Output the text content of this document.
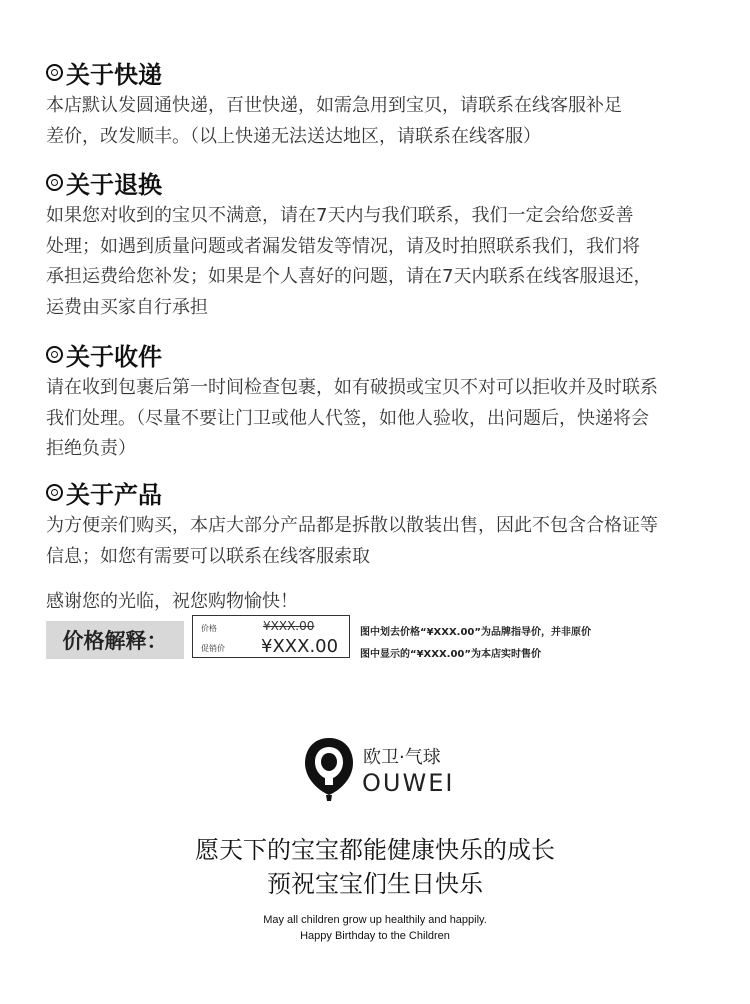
关于快递
本店默认发圆通快递，百世快递，如需急用到宝贝，请联系在线客服补足
差价，改发顺丰。（以上快递无法送达地区，请联系在线客服）
关于退换
如果您对收到的宝贝不满意，请在7天内与我们联系，我们一定会给您妥善
处理；如遇到质量问题或者漏发错发等情况，请及时拍照联系我们，我们将
承担运费给您补发；如果是个人喜好的问题，请在7天内联系在线客服退还，
运费由买家自行承担
关于收件
请在收到包裹后第一时间检查包裹，如有破损或宝贝不对可以拒收并及时联系
我们处理。（尽量不要让门卫或他人代签，如他人验收，出问题后，快递将会
拒绝负责）
关于产品
为方便亲们购买，本店大部分产品都是拆散以散装出售，因此不包含合格证等
信息；如您有需要可以联系在线客服索取
感谢您的光临，祝您购物愉快！
价格解释：
价格	¥XXX.00
促销价 ¥XXX.00
图中划去价格“¥XXX.00”为品牌指导价，并非原价
图中显示的“¥XXX.00”为本店实时售价
欧卫·气球
OUWEI
愿天下的宝宝都能健康快乐的成长
预祝宝宝们生日快乐
May all children grow up healthily and happily.
Happy Birthday to the Children
